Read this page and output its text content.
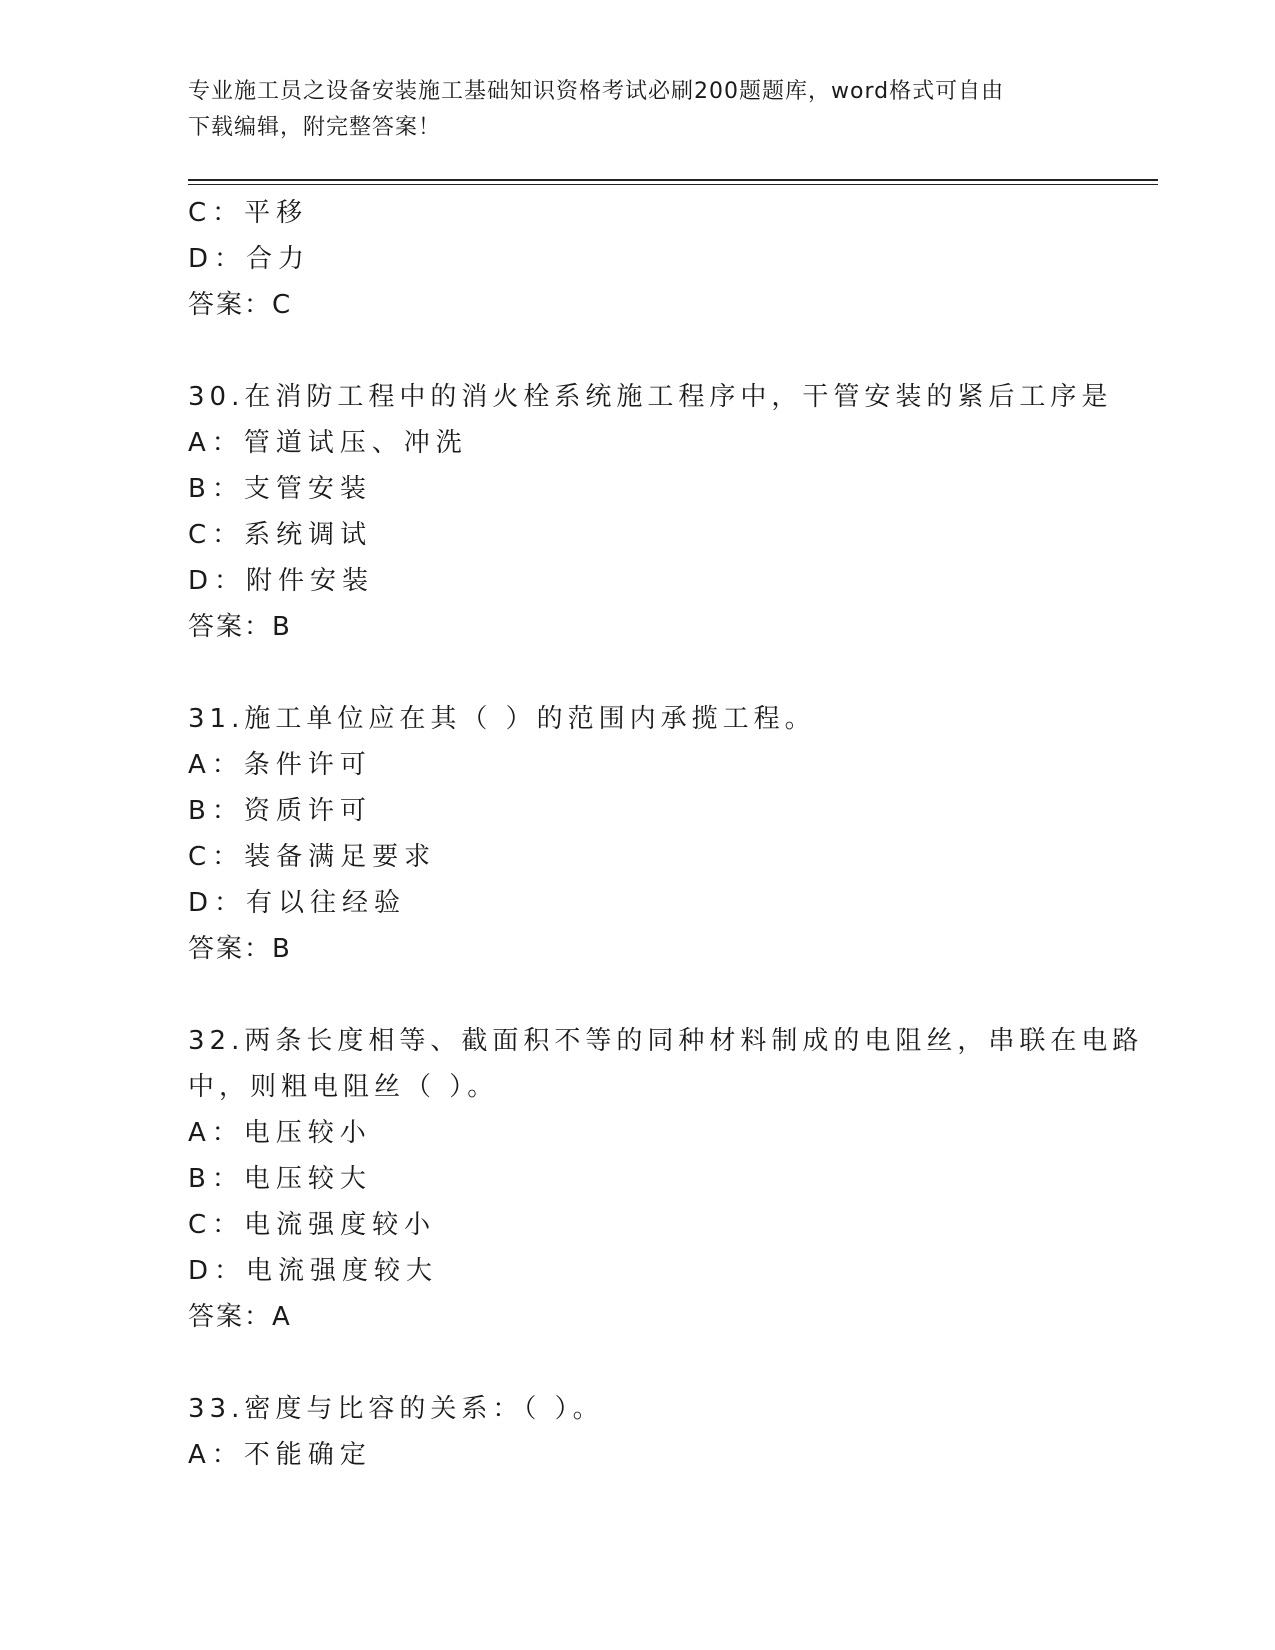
专业施工员之设备安装施工基础知识资格考试必刷200题题库，word格式可自由
下载编辑，附完整答案！
C：平移
D：合力
答案：C
30.在消防工程中的消火栓系统施工程序中，干管安装的紧后工序是
A：管道试压、冲洗
B：支管安装
C：系统调试
D：附件安装
答案：B
31.施工单位应在其（ ）的范围内承揽工程。
A：条件许可
B：资质许可
C：装备满足要求
D：有以往经验
答案：B
32.两条长度相等、截面积不等的同种材料制成的电阻丝，串联在电路
中，则粗电阻丝（ ）。
A：电压较小
B：电压较大
C：电流强度较小
D：电流强度较大
答案：A
33.密度与比容的关系：（ ）。
A：不能确定
